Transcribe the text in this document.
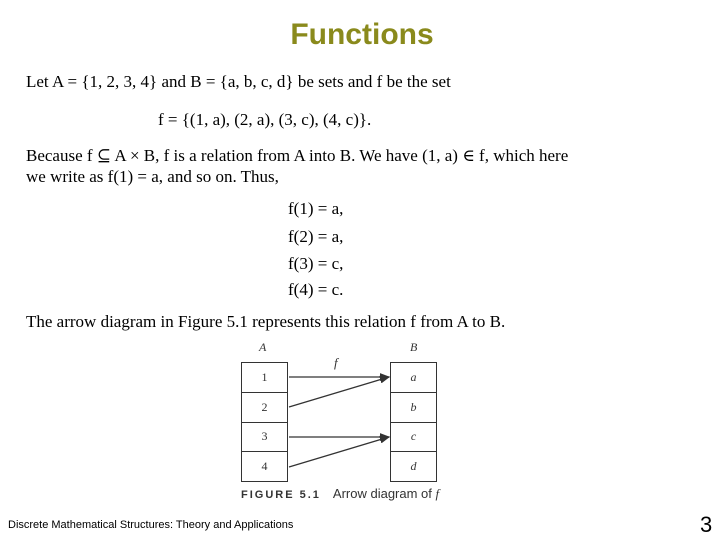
Functions
Let A = {1, 2, 3, 4} and B = {a, b, c, d} be sets and f be the set
f = {(1, a), (2, a), (3, c), (4, c)}.
Because f ⊆ A × B, f is a relation from A into B. We have (1, a) ∈ f, which here
we write as f(1) = a, and so on. Thus,
f(1) = a,
f(2) = a,
f(3) = c,
f(4) = c.
The arrow diagram in Figure 5.1 represents this relation f from A to B.
A	B
f
1
2
3
4
a
b
c
d
FIGURE 5.1 Arrow diagram of f
Discrete Mathematical Structures: Theory and Applications	3
